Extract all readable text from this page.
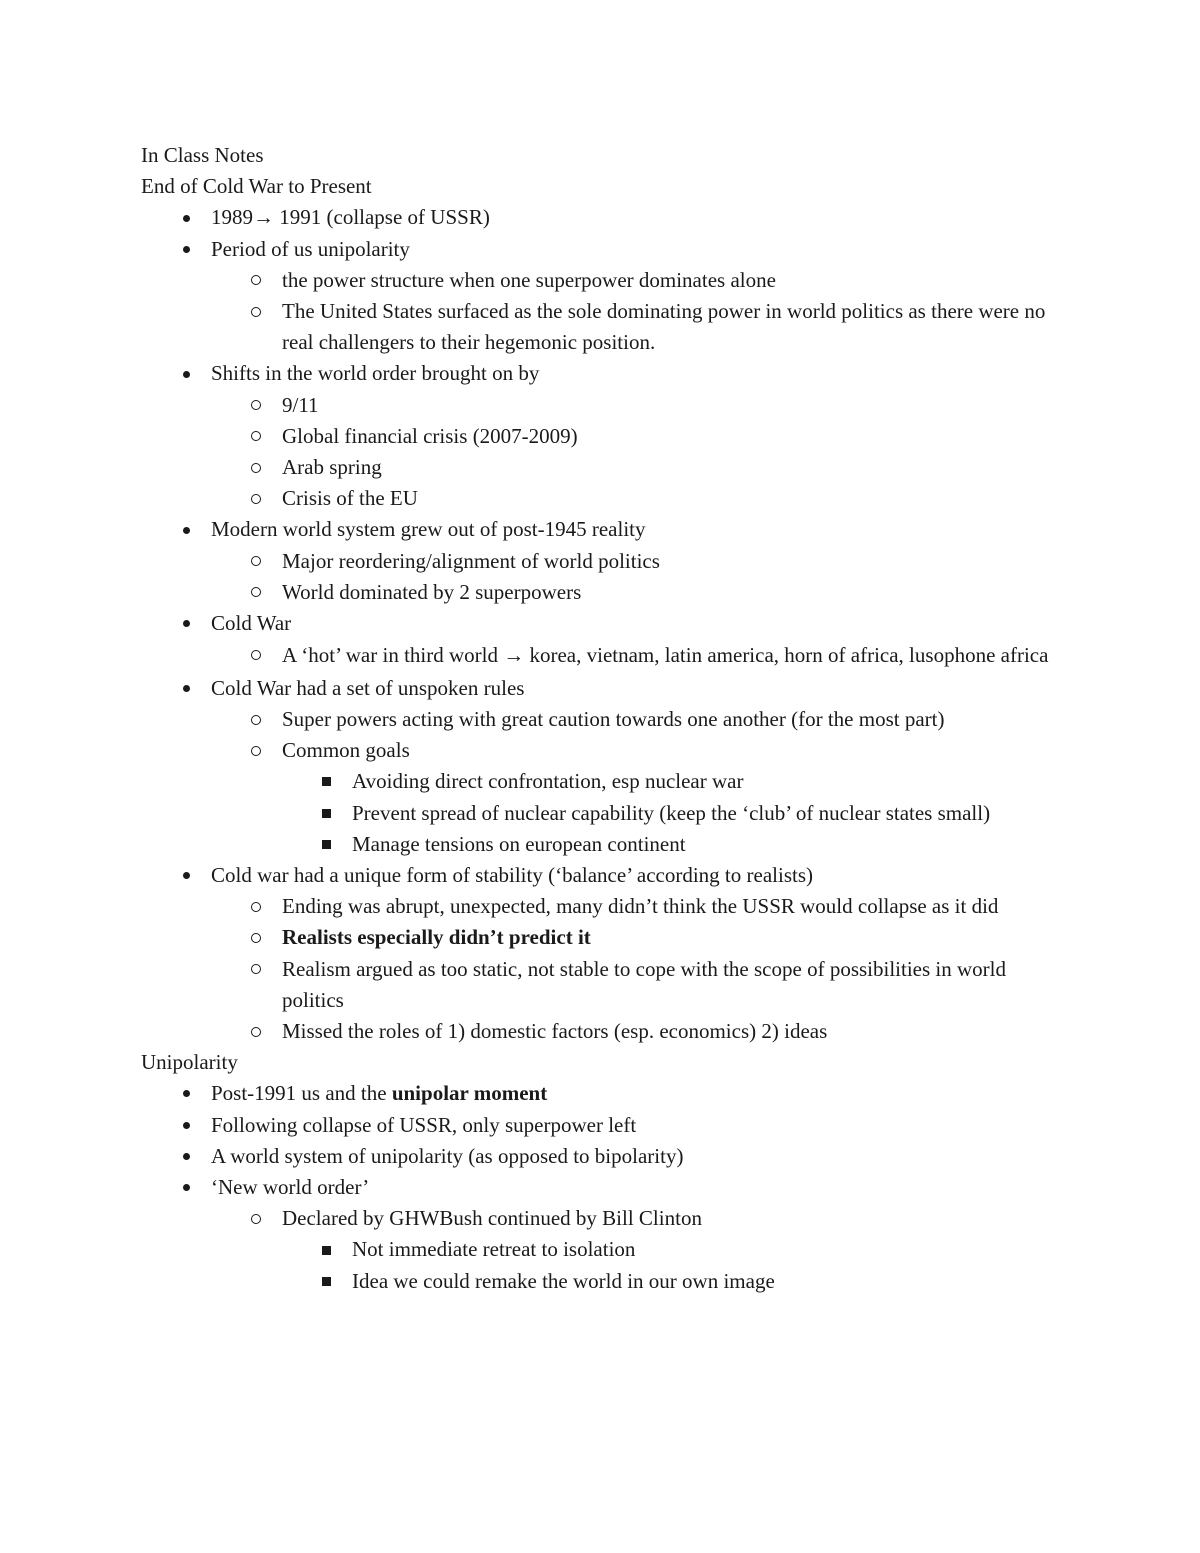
In Class Notes

End of Cold War to Present

1989→ 1991 (collapse of USSR)
Period of us unipolarity
the power structure when one superpower dominates alone
The United States surfaced as the sole dominating power in world politics as there were no real challengers to their hegemonic position.
Shifts in the world order brought on by
9/11
Global financial crisis (2007-2009)
Arab spring
Crisis of the EU
Modern world system grew out of post-1945 reality
Major reordering/alignment of world politics
World dominated by 2 superpowers
Cold War
A ‘hot’ war in third world → korea, vietnam, latin america, horn of africa, lusophone africa
Cold War had a set of unspoken rules
Super powers acting with great caution towards one another (for the most part)
Common goals
Avoiding direct confrontation, esp nuclear war
Prevent spread of nuclear capability (keep the ‘club’ of nuclear states small)
Manage tensions on european continent
Cold war had a unique form of stability (‘balance’ according to realists)
Ending was abrupt, unexpected, many didn’t think the USSR would collapse as it did
Realists especially didn’t predict it
Realism argued as too static, not stable to cope with the scope of possibilities in world politics
Missed the roles of 1) domestic factors (esp. economics) 2) ideas

Unipolarity

Post-1991 us and the unipolar moment
Following collapse of USSR, only superpower left
A world system of unipolarity (as opposed to bipolarity)
‘New world order’
Declared by GHWBush continued by Bill Clinton
Not immediate retreat to isolation
Idea we could remake the world in our own image
